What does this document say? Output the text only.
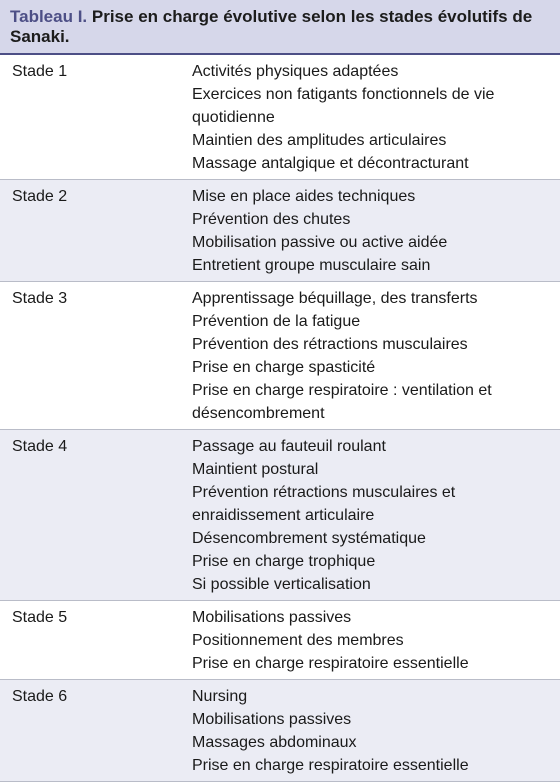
Tableau I. Prise en charge évolutive selon les stades évolutifs de Sanaki.
Stade 1	Activités physiques adaptées
Exercices non fatigants fonctionnels de vie quotidienne
Maintien des amplitudes articulaires
Massage antalgique et décontracturant
Stade 2	Mise en place aides techniques
Prévention des chutes
Mobilisation passive ou active aidée
Entretient groupe musculaire sain
Stade 3	Apprentissage béquillage, des transferts
Prévention de la fatigue
Prévention des rétractions musculaires
Prise en charge spasticité
Prise en charge respiratoire : ventilation et désencombrement
Stade 4	Passage au fauteuil roulant
Maintient postural
Prévention rétractions musculaires et enraidissement articulaire
Désencombrement systématique
Prise en charge trophique
Si possible verticalisation
Stade 5	Mobilisations passives
Positionnement des membres
Prise en charge respiratoire essentielle
Stade 6	Nursing
Mobilisations passives
Massages abdominaux
Prise en charge respiratoire essentielle
